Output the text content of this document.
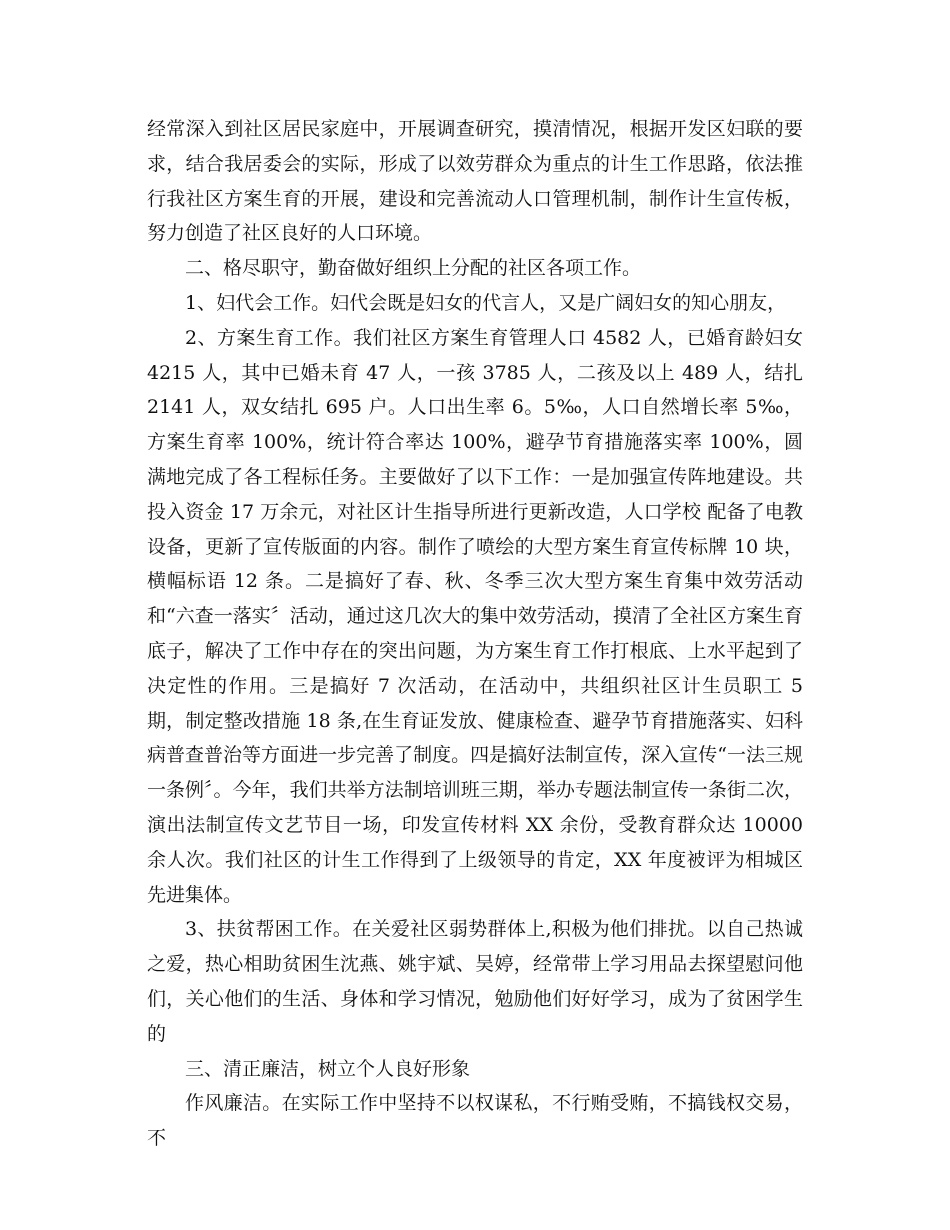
经常深入到社区居民家庭中，开展调查研究，摸清情况，根据开发区妇联的要求，结合我居委会的实际，形成了以效劳群众为重点的计生工作思路，依法推行我社区方案生育的开展，建设和完善流动人口管理机制，制作计生宣传板，努力创造了社区良好的人口环境。

二、格尽职守，勤奋做好组织上分配的社区各项工作。

1、妇代会工作。妇代会既是妇女的代言人，又是广阔妇女的知心朋友，

2、方案生育工作。我们社区方案生育管理人口 4582 人，已婚育龄妇女 4215 人，其中已婚未育 47 人，一孩 3785 人，二孩及以上 489 人，结扎 2141 人，双女结扎 695 户。人口出生率 6。5‰，人口自然增长率 5‰，方案生育率 100%，统计符合率达 100%，避孕节育措施落实率 100%，圆满地完成了各工程标任务。主要做好了以下工作：一是加强宣传阵地建设。共投入资金 17 万余元，对社区计生指导所进行更新改造，人口学校 配备了电教设备，更新了宣传版面的内容。制作了喷绘的大型方案生育宣传标牌 10 块，横幅标语 12 条。二是搞好了春、秋、冬季三次大型方案生育集中效劳活动和“六查一落实〞活动，通过这几次大的集中效劳活动，摸清了全社区方案生育底子，解决了工作中存在的突出问题，为方案生育工作打根底、上水平起到了决定性的作用。三是搞好 7 次活动，在活动中，共组织社区计生员职工 5 期，制定整改措施 18 条,在生育证发放、健康检查、避孕节育措施落实、妇科病普查普治等方面进一步完善了制度。四是搞好法制宣传，深入宣传“一法三规一条例〞。今年，我们共举方法制培训班三期，举办专题法制宣传一条街二次，演出法制宣传文艺节目一场，印发宣传材料 XX 余份，受教育群众达 10000 余人次。我们社区的计生工作得到了上级领导的肯定，XX 年度被评为相城区先进集体。

3、扶贫帮困工作。在关爱社区弱势群体上,积极为他们排扰。以自己热诚之爱，热心相助贫困生沈燕、姚宇斌、吴婷，经常带上学习用品去探望慰问他们，关心他们的生活、身体和学习情况，勉励他们好好学习，成为了贫困学生的

三、清正廉洁，树立个人良好形象

作风廉洁。在实际工作中坚持不以权谋私，不行贿受贿，不搞钱权交易，不
